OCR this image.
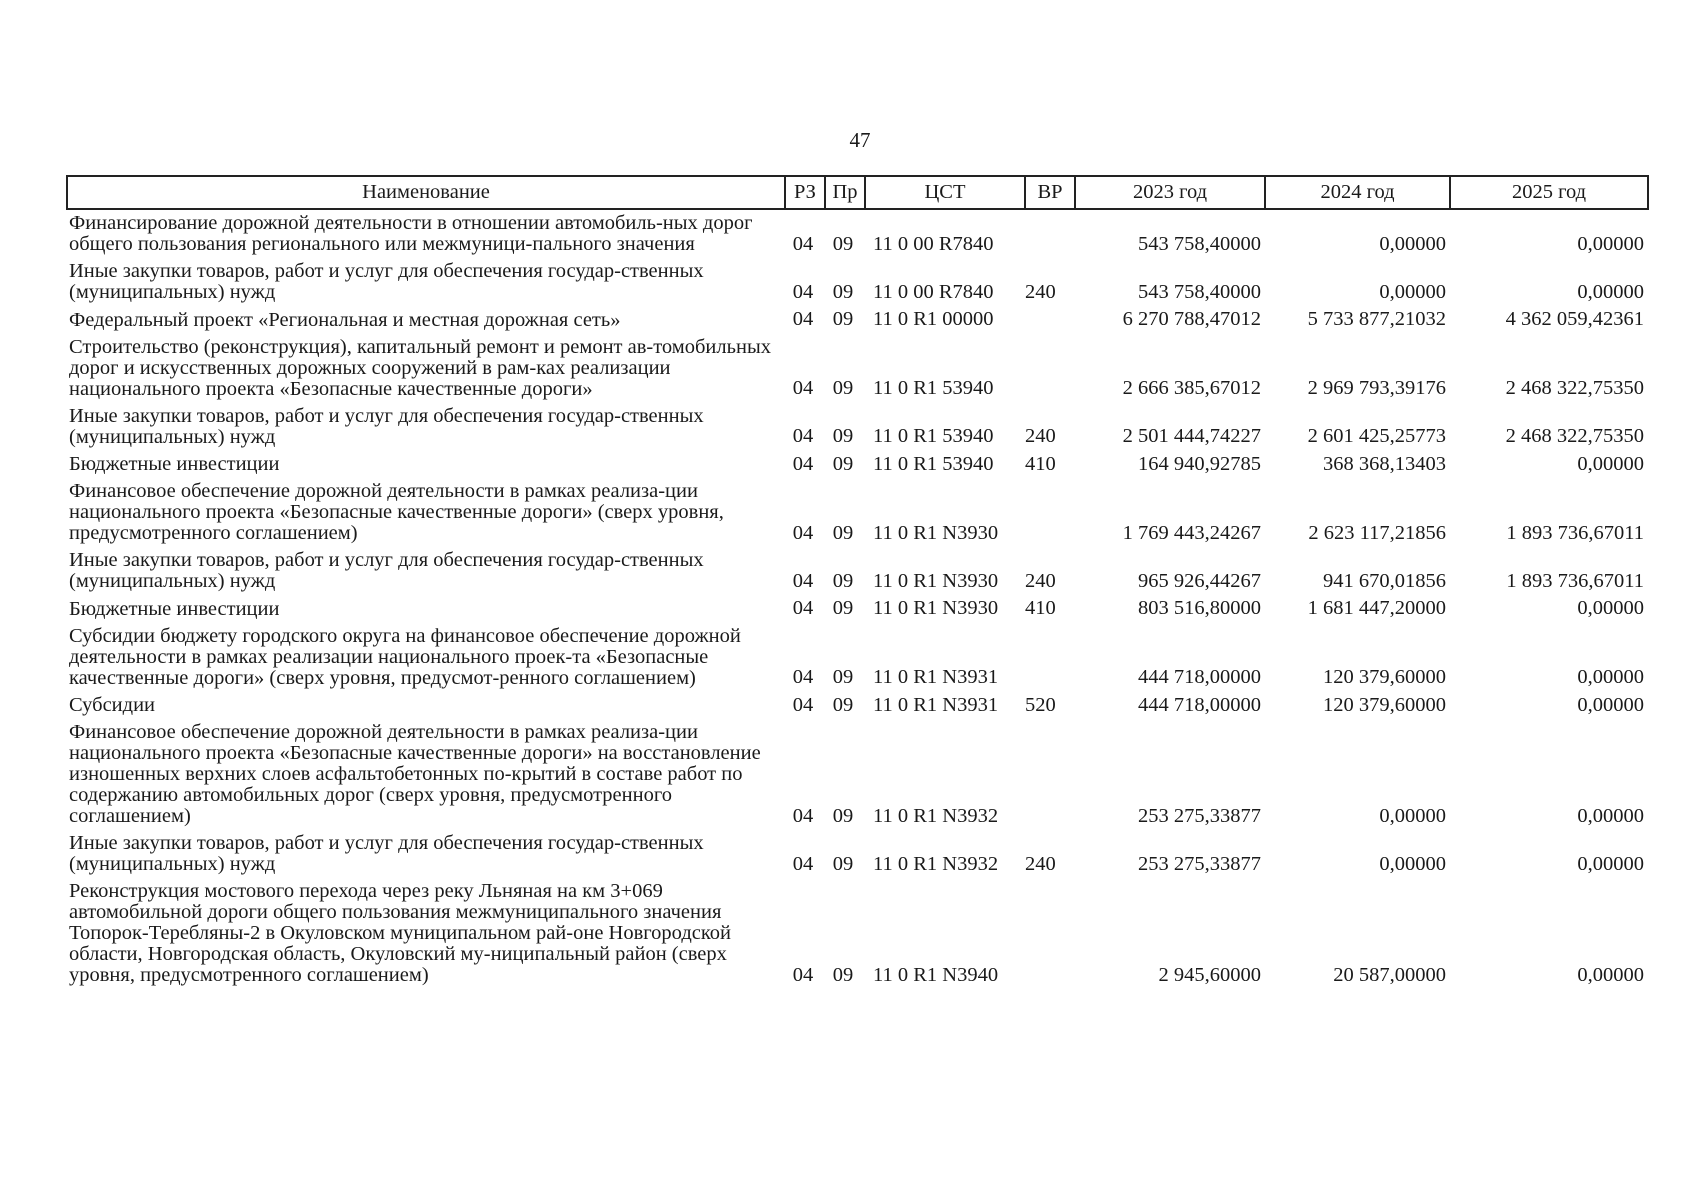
47
Наименование	РЗ	Пр	ЦСТ	ВР	2023 год	2024 год	2025 год
Финансирование дорожной деятельности в отношении автомобиль-ных дорог общего пользования регионального или межмуници-пального значения	04	09	11 0 00 R7840		543 758,40000	0,00000	0,00000
Иные закупки товаров, работ и услуг для обеспечения государ-ственных (муниципальных) нужд	04	09	11 0 00 R7840	240	543 758,40000	0,00000	0,00000
Федеральный проект «Региональная и местная дорожная сеть»	04	09	11 0 R1 00000		6 270 788,47012	5 733 877,21032	4 362 059,42361
Строительство (реконструкция), капитальный ремонт и ремонт ав-томобильных дорог и искусственных дорожных сооружений в рам-ках реализации национального проекта «Безопасные качественные дороги»	04	09	11 0 R1 53940		2 666 385,67012	2 969 793,39176	2 468 322,75350
Иные закупки товаров, работ и услуг для обеспечения государ-ственных (муниципальных) нужд	04	09	11 0 R1 53940	240	2 501 444,74227	2 601 425,25773	2 468 322,75350
Бюджетные инвестиции	04	09	11 0 R1 53940	410	164 940,92785	368 368,13403	0,00000
Финансовое обеспечение дорожной деятельности в рамках реализа-ции национального проекта «Безопасные качественные дороги» (сверх уровня, предусмотренного соглашением)	04	09	11 0 R1 N3930		1 769 443,24267	2 623 117,21856	1 893 736,67011
Иные закупки товаров, работ и услуг для обеспечения государ-ственных (муниципальных) нужд	04	09	11 0 R1 N3930	240	965 926,44267	941 670,01856	1 893 736,67011
Бюджетные инвестиции	04	09	11 0 R1 N3930	410	803 516,80000	1 681 447,20000	0,00000
Субсидии бюджету городского округа на финансовое обеспечение дорожной деятельности в рамках реализации национального проек-та «Безопасные качественные дороги» (сверх уровня, предусмот-ренного соглашением)	04	09	11 0 R1 N3931		444 718,00000	120 379,60000	0,00000
Субсидии	04	09	11 0 R1 N3931	520	444 718,00000	120 379,60000	0,00000
Финансовое обеспечение дорожной деятельности в рамках реализа-ции национального проекта «Безопасные качественные дороги» на восстановление изношенных верхних слоев асфальтобетонных по-крытий в составе работ по содержанию автомобильных дорог (сверх уровня, предусмотренного соглашением)	04	09	11 0 R1 N3932		253 275,33877	0,00000	0,00000
Иные закупки товаров, работ и услуг для обеспечения государ-ственных (муниципальных) нужд	04	09	11 0 R1 N3932	240	253 275,33877	0,00000	0,00000
Реконструкция мостового перехода через реку Льняная на км 3+069 автомобильной дороги общего пользования межмуниципального значения Топорок-Теребляны-2 в Окуловском муниципальном рай-оне Новгородской области, Новгородская область, Окуловский му-ниципальный район (сверх уровня, предусмотренного соглашением)	04	09	11 0 R1 N3940		2 945,60000	20 587,00000	0,00000
